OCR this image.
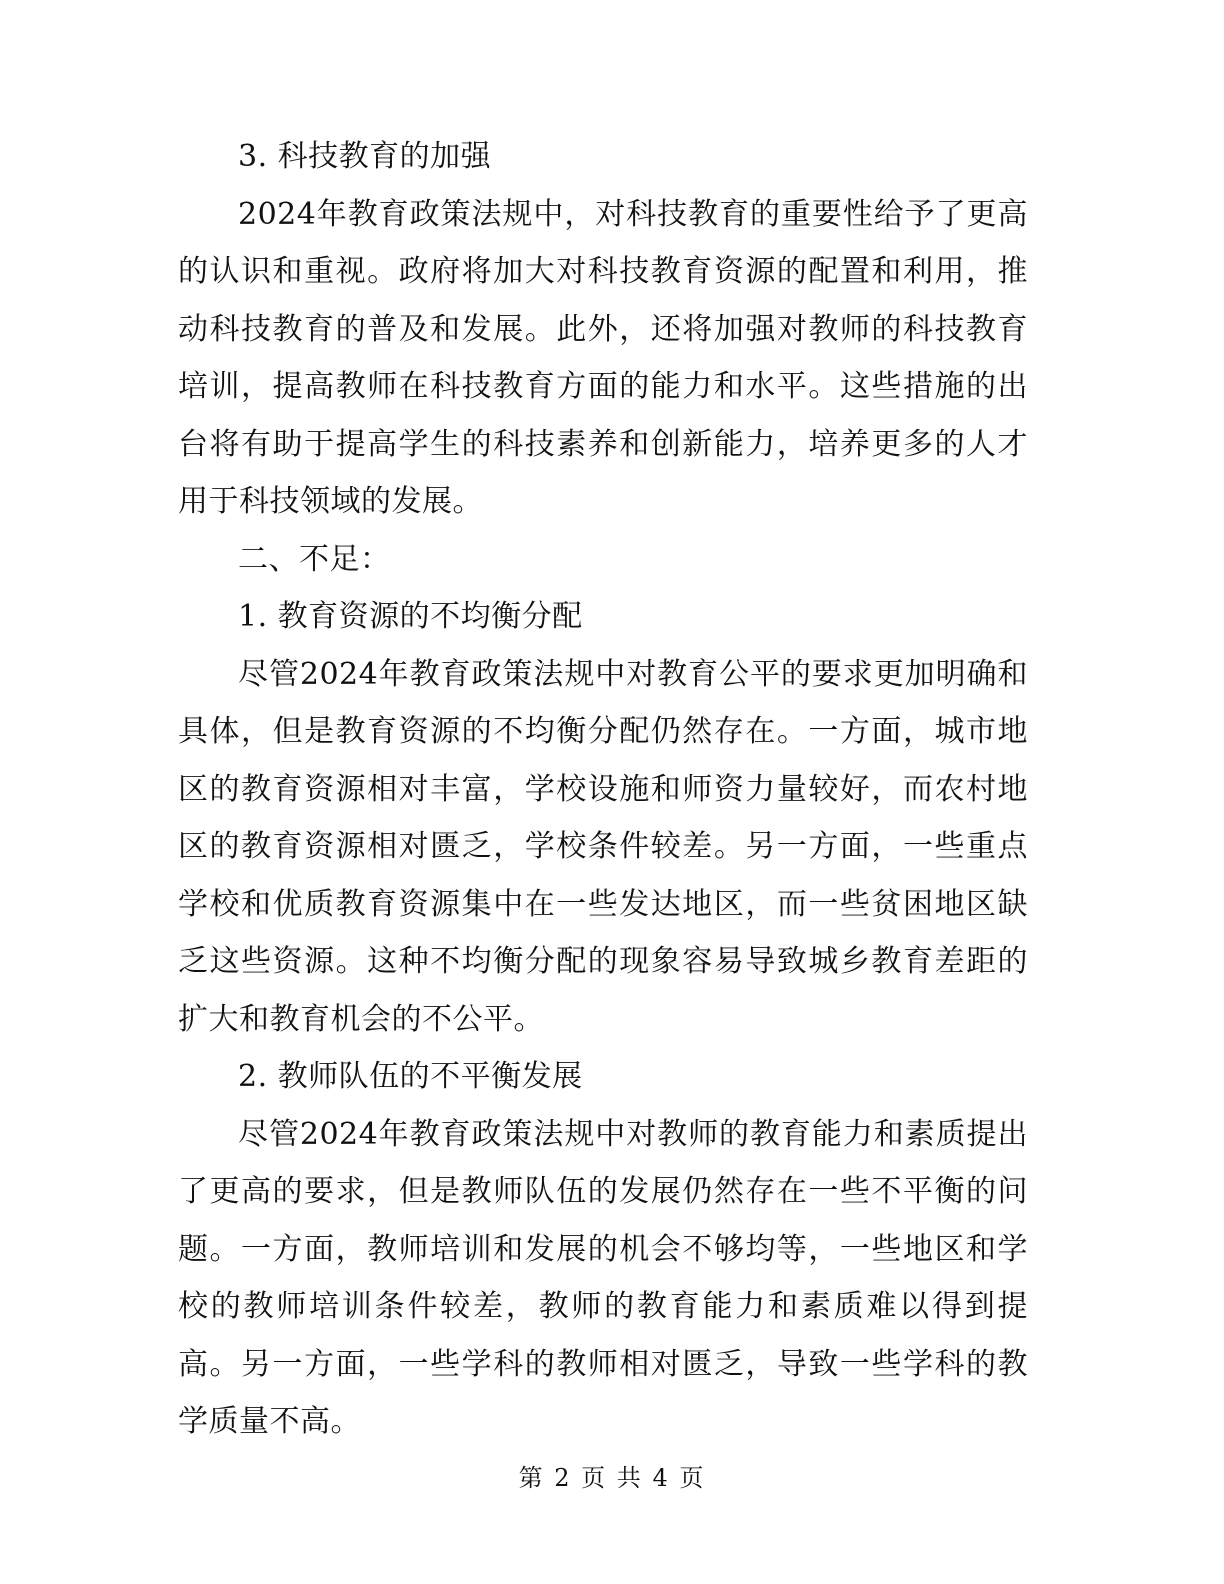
3. 科技教育的加强

2024年教育政策法规中，对科技教育的重要性给予了更高的认识和重视。政府将加大对科技教育资源的配置和利用，推动科技教育的普及和发展。此外，还将加强对教师的科技教育培训，提高教师在科技教育方面的能力和水平。这些措施的出台将有助于提高学生的科技素养和创新能力，培养更多的人才用于科技领域的发展。

二、不足：

1. 教育资源的不均衡分配

尽管2024年教育政策法规中对教育公平的要求更加明确和具体，但是教育资源的不均衡分配仍然存在。一方面，城市地区的教育资源相对丰富，学校设施和师资力量较好，而农村地区的教育资源相对匮乏，学校条件较差。另一方面，一些重点学校和优质教育资源集中在一些发达地区，而一些贫困地区缺乏这些资源。这种不均衡分配的现象容易导致城乡教育差距的扩大和教育机会的不公平。

2. 教师队伍的不平衡发展

尽管2024年教育政策法规中对教师的教育能力和素质提出了更高的要求，但是教师队伍的发展仍然存在一些不平衡的问题。一方面，教师培训和发展的机会不够均等，一些地区和学校的教师培训条件较差，教师的教育能力和素质难以得到提高。另一方面，一些学科的教师相对匮乏，导致一些学科的教学质量不高。

第 2 页 共 4 页
